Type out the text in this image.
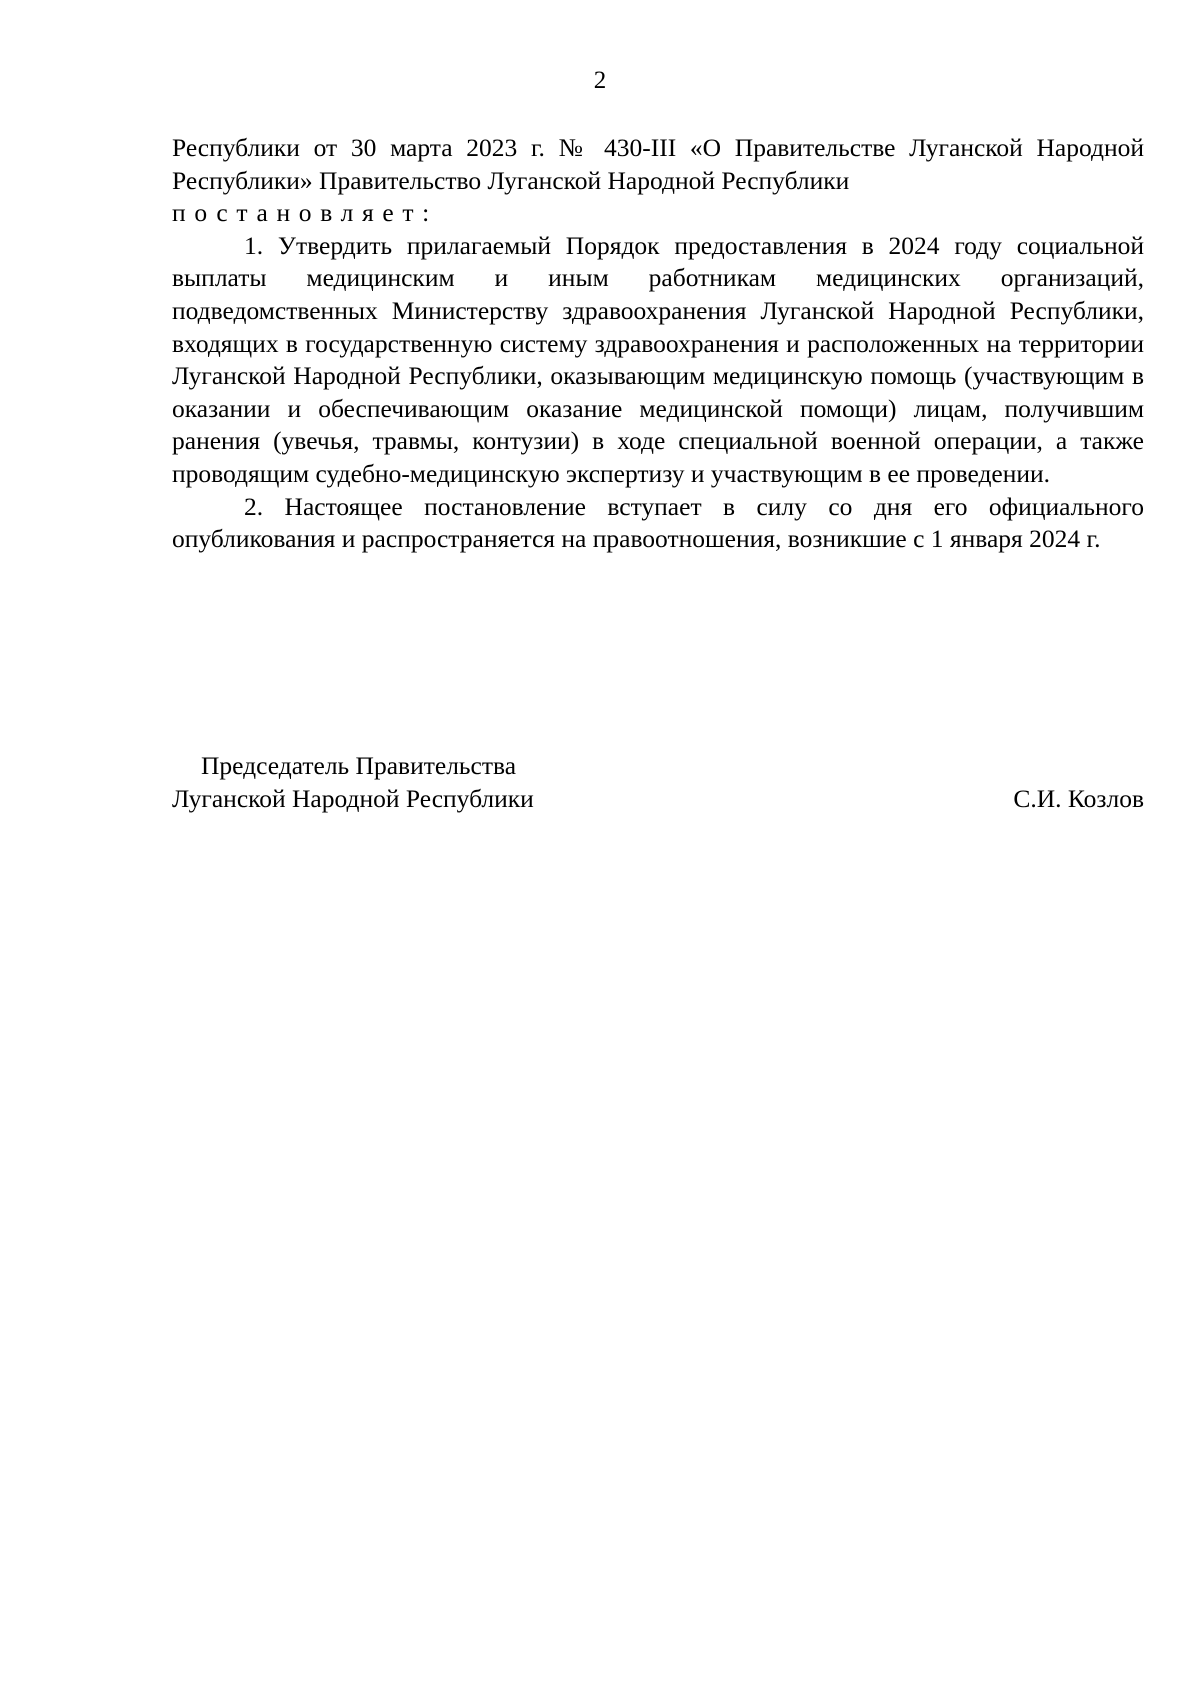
2

Республики от 30 марта 2023 г. № 430-III «О Правительстве Луганской Народной Республики» Правительство Луганской Народной Республики
постановляет:

1. Утвердить прилагаемый Порядок предоставления в 2024 году социальной выплаты медицинским и иным работникам медицинских организаций, подведомственных Министерству здравоохранения Луганской Народной Республики, входящих в государственную систему здравоохранения и расположенных на территории Луганской Народной Республики, оказывающим медицинскую помощь (участвующим в оказании и обеспечивающим оказание медицинской помощи) лицам, получившим ранения (увечья, травмы, контузии) в ходе специальной военной операции, а также проводящим судебно-медицинскую экспертизу и участвующим в ее проведении.

2. Настоящее постановление вступает в силу со дня его официального опубликования и распространяется на правоотношения, возникшие с 1 января 2024 г.

Председатель Правительства
Луганской Народной Республики	С.И. Козлов
